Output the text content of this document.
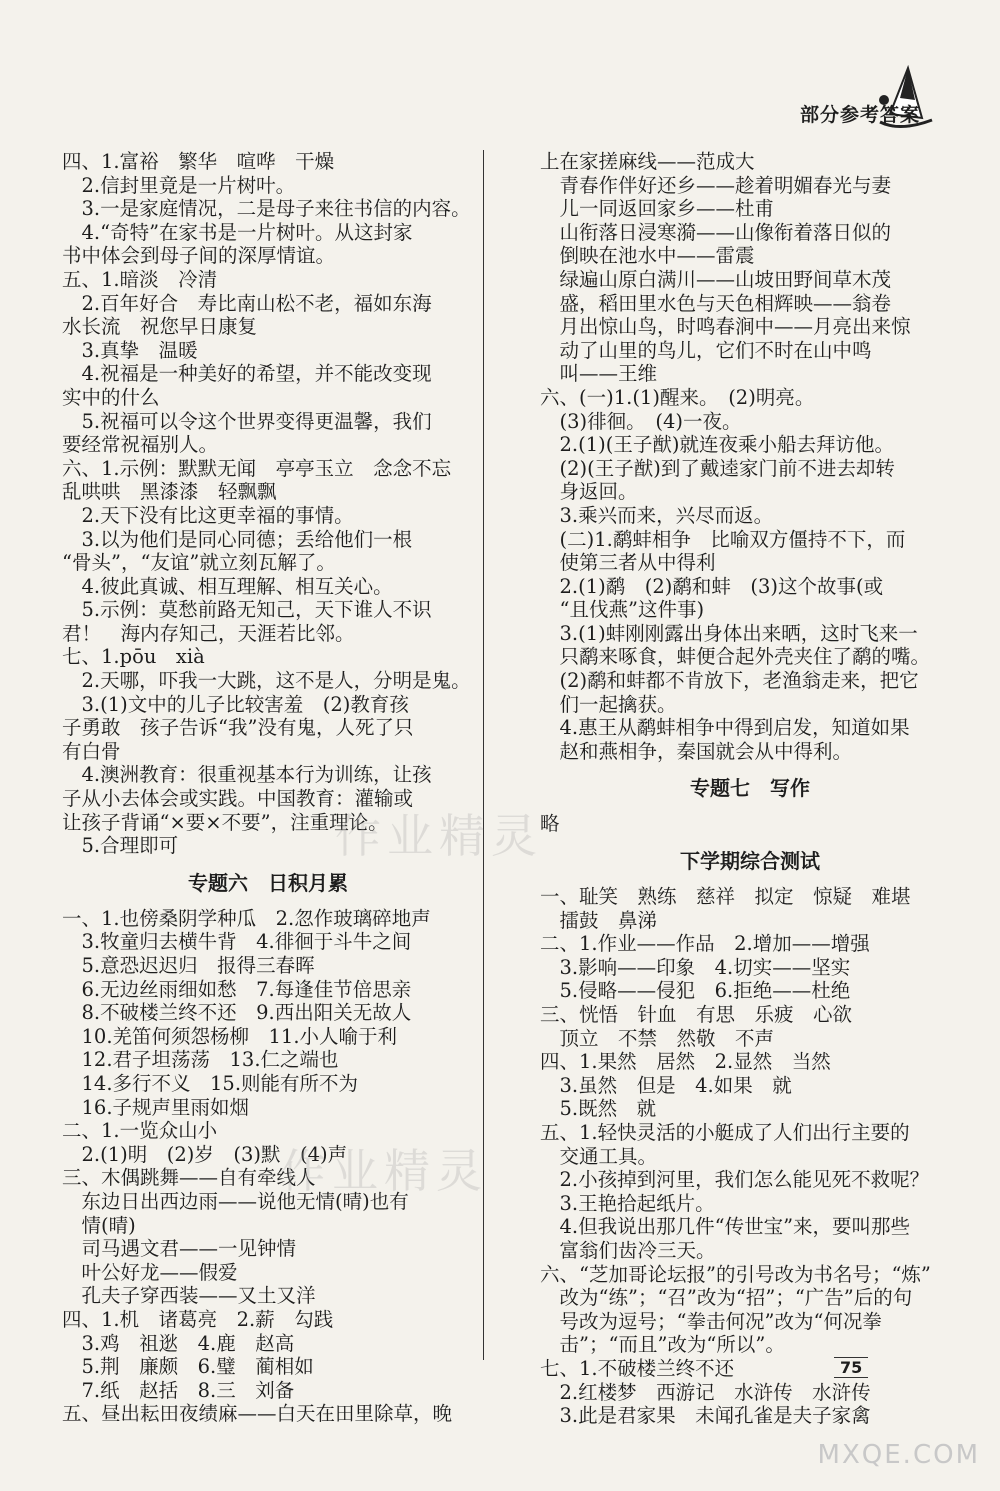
部分参考答案
四、1.富裕　繁华　喧哗　干燥
　2.信封里竟是一片树叶。
　3.一是家庭情况，二是母子来往书信的内容。
　4.“奇特”在家书是一片树叶。从这封家
书中体会到母子间的深厚情谊。
五、1.暗淡　冷清
　2.百年好合　寿比南山松不老，福如东海
水长流　祝您早日康复
　3.真挚　温暖
　4.祝福是一种美好的希望，并不能改变现
实中的什么
　5.祝福可以令这个世界变得更温馨，我们
要经常祝福别人。
六、1.示例：默默无闻　亭亭玉立　念念不忘
乱哄哄　黑漆漆　轻飘飘
　2.天下没有比这更幸福的事情。
　3.以为他们是同心同德；丢给他们一根
“骨头”，“友谊”就立刻瓦解了。
　4.彼此真诚、相互理解、相互关心。
　5.示例：莫愁前路无知己，天下谁人不识
君！　海内存知己，天涯若比邻。
七、1.pōu　xià
　2.天哪，吓我一大跳，这不是人，分明是鬼。
　3.(1)文中的儿子比较害羞　(2)教育孩
子勇敢　孩子告诉“我”没有鬼，人死了只
有白骨
　4.澳洲教育：很重视基本行为训练，让孩
子从小去体会或实践。中国教育：灌输或
让孩子背诵“×要×不要”，注重理论。
　5.合理即可
专题六　日积月累
一、1.也傍桑阴学种瓜　2.忽作玻璃碎地声
　3.牧童归去横牛背　4.徘徊于斗牛之间
　5.意恐迟迟归　报得三春晖
　6.无边丝雨细如愁　7.每逢佳节倍思亲
　8.不破楼兰终不还　9.西出阳关无故人
　10.羌笛何须怨杨柳　11.小人喻于利
　12.君子坦荡荡　13.仁之端也
　14.多行不义　15.则能有所不为
　16.子规声里雨如烟
二、1.一览众山小
　2.(1)明　(2)岁　(3)默　(4)声
三、木偶跳舞——自有牵线人
　东边日出西边雨——说他无情(晴)也有
　情(晴)
　司马遇文君——一见钟情
　叶公好龙——假爱
　孔夫子穿西装——又土又洋
四、1.机　诸葛亮　2.薪　勾践
　3.鸡　祖逖　4.鹿　赵高
　5.荆　廉颇　6.璧　蔺相如
　7.纸　赵括　8.三　刘备
五、昼出耘田夜绩麻——白天在田里除草，晚
上在家搓麻线——范成大
　青春作伴好还乡——趁着明媚春光与妻
　儿一同返回家乡——杜甫
　山衔落日浸寒漪——山像衔着落日似的
　倒映在池水中——雷震
　绿遍山原白满川——山坡田野间草木茂
　盛，稻田里水色与天色相辉映——翁卷
　月出惊山鸟，时鸣春涧中——月亮出来惊
　动了山里的鸟儿，它们不时在山中鸣
　叫——王维
六、(一)1.(1)醒来。　(2)明亮。
　(3)徘徊。　(4)一夜。
　2.(1)(王子猷)就连夜乘小船去拜访他。
　(2)(王子猷)到了戴逵家门前不进去却转
　身返回。
　3.乘兴而来，兴尽而返。
　(二)1.鹬蚌相争　比喻双方僵持不下，而
　使第三者从中得利
　2.(1)鹬　(2)鹬和蚌　(3)这个故事(或
　“且伐燕”这件事)
　3.(1)蚌刚刚露出身体出来晒，这时飞来一
　只鹬来啄食，蚌便合起外壳夹住了鹬的嘴。
　(2)鹬和蚌都不肯放下，老渔翁走来，把它
　们一起擒获。
　4.惠王从鹬蚌相争中得到启发，知道如果
　赵和燕相争，秦国就会从中得利。
专题七　写作
略
下学期综合测试
一、耻笑　熟练　慈祥　拟定　惊疑　难堪
　擂鼓　鼻涕
二、1.作业——作品　2.增加——增强
　3.影响——印象　4.切实——坚实
　5.侵略——侵犯　6.拒绝——杜绝
三、恍悟　针血　有思　乐疲　心欲
　顶立　不禁　然敬　不声
四、1.果然　居然　2.显然　当然
　3.虽然　但是　4.如果　就
　5.既然　就
五、1.轻快灵活的小艇成了人们出行主要的
　交通工具。
　2.小孩掉到河里，我们怎么能见死不救呢？
　3.王艳拾起纸片。
　4.但我说出那几件“传世宝”来，要叫那些
　富翁们齿冷三天。
六、“芝加哥论坛报”的引号改为书名号；“炼”
　改为“练”；“召”改为“招”；“广告”后的句
　号改为逗号；“拳击何况”改为“何况拳
　击”；“而且”改为“所以”。
七、1.不破楼兰终不还
　2.红楼梦　西游记　水浒传　水浒传
　3.此是君家果　未闻孔雀是夫子家禽
作业精灵
作业精灵
75
MXQE.COM
